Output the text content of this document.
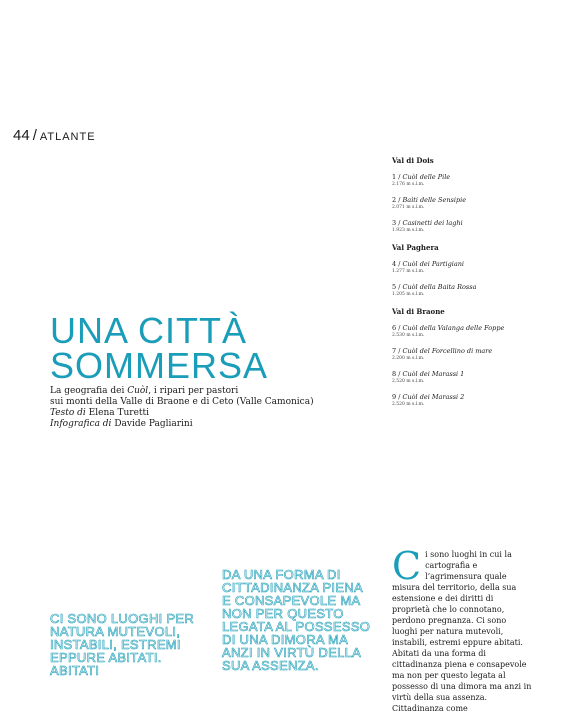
44 / ATLANTE
Val di Dois
1 / Cuòl delle Pile
2.176 m s.l.m.
2 / Baìti delle Sensipie
2.071 m s.l.m.
3 / Casinetti dei laghi
1.923 m s.l.m.
Val Paghera
4 / Cuòl dei Partigiani
1.277 m s.l.m.
5 / Cuòl della Baita Rossa
1.205 m s.l.m.
Val di Braone
6 / Cuòl della Valanga delle Foppe
2.530 m s.l.m.
7 / Cuòl del Forcellino di mare
2.200 m s.l.m.
8 / Cuòl dei Marassi 1
2.520 m s.l.m.
9 / Cuòl dei Marassi 2
2.520 m s.l.m.
UNA CITTÀ
SOMMERSA
La geografia dei Cuòl, i ripari per pastori
sui monti della Valle di Braone e di Ceto (Valle Camonica)
Testo di Elena Turetti
Infografica di Davide Pagliarini
CI SONO LUOGHI PER NATURA MUTEVOLI, INSTABILI, ESTREMI EPPURE ABITATI. ABITATI
DA UNA FORMA DI CITTADINANZA PIENA E CONSAPEVOLE MA NON PER QUESTO LEGATA AL POSSESSO DI UNA DIMORA MA ANZI IN VIRTÙ DELLA SUA ASSENZA.
Ci sono luoghi in cui la cartografia e l’agrimensura quale misura del territorio, della sua estensione e dei diritti di proprietà che lo connotano, perdono pregnanza. Ci sono luoghi per natura mutevoli, instabili, estremi eppure abitati. Abitati da una forma di cittadinanza piena e consapevole ma non per questo legata al possesso di una dimora ma anzi in virtù della sua assenza. Cittadinanza come
